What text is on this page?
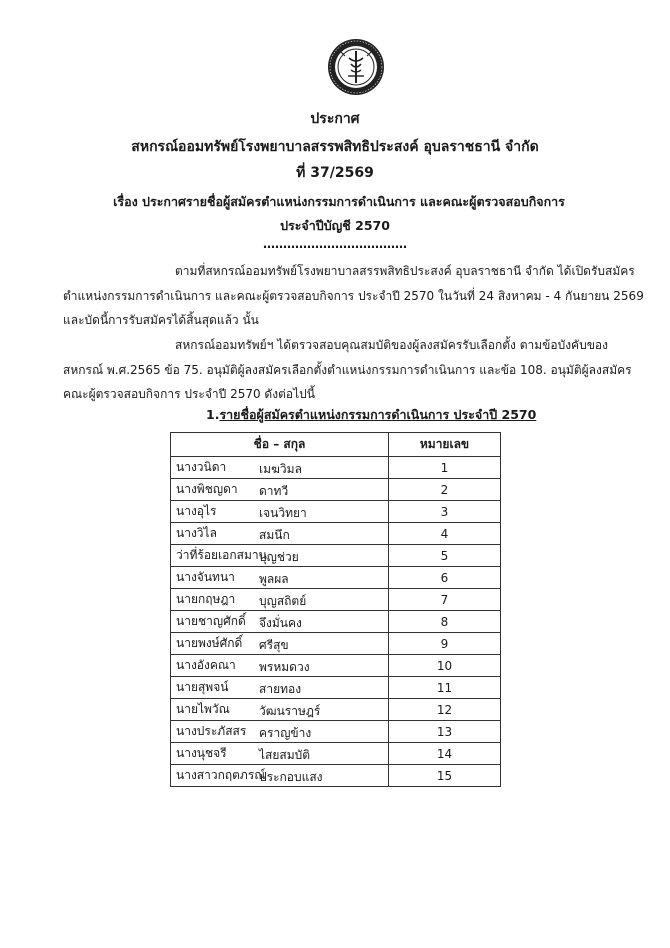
ประกาศ
สหกรณ์ออมทรัพย์โรงพยาบาลสรรพสิทธิประสงค์ อุบลราชธานี จำกัด
ที่ 37/2569
เรื่อง ประกาศรายชื่อผู้สมัครตำแหน่งกรรมการดำเนินการ และคณะผู้ตรวจสอบกิจการ
ประจำปีบัญชี 2570
………………………………
ตามที่สหกรณ์ออมทรัพย์โรงพยาบาลสรรพสิทธิประสงค์ อุบลราชธานี จำกัด ได้เปิดรับสมัคร
ตำแหน่งกรรมการดำเนินการ และคณะผู้ตรวจสอบกิจการ ประจำปี 2570 ในวันที่ 24 สิงหาคม - 4 กันยายน 2569
และบัดนี้การรับสมัครได้สิ้นสุดแล้ว นั้น
สหกรณ์ออมทรัพย์ฯ ได้ตรวจสอบคุณสมบัติของผู้ลงสมัครรับเลือกตั้ง ตามข้อบังคับของ
สหกรณ์ พ.ศ.2565 ข้อ 75. อนุมัติผู้ลงสมัครเลือกตั้งตำแหน่งกรรมการดำเนินการ และข้อ 108. อนุมัติผู้ลงสมัคร
คณะผู้ตรวจสอบกิจการ ประจำปี 2570 ดังต่อไปนี้
1.รายชื่อผู้สมัครตำแหน่งกรรมการดำเนินการ ประจำปี 2570
ชื่อ – สกุล	หมายเลข
นางวนิดา เมฆวิมล	1
นางพิชญดา ดาทวี	2
นางอุไร เจนวิทยา	3
นางวิไล สมนึก	4
ว่าที่ร้อยเอกสมาน
บุญช่วย	5
นางจันทนา พูลผล	6
นายกฤษฎา บุญสถิตย์	7
นายชาญศักดิ์ จึงมั่นคง	8
นายพงษ์ศักดิ์ ศรีสุข	9
นางอังคณา พรหมดวง	10
นายสุพจน์ สายทอง	11
นายไพวัณ วัฒนราษฎร์	12
นางประภัสสร คราญข้าง	13
นางนุชจรี ไสยสมบัติ	14
นางสาวกฤตภรณ์
ประกอบแสง	15
